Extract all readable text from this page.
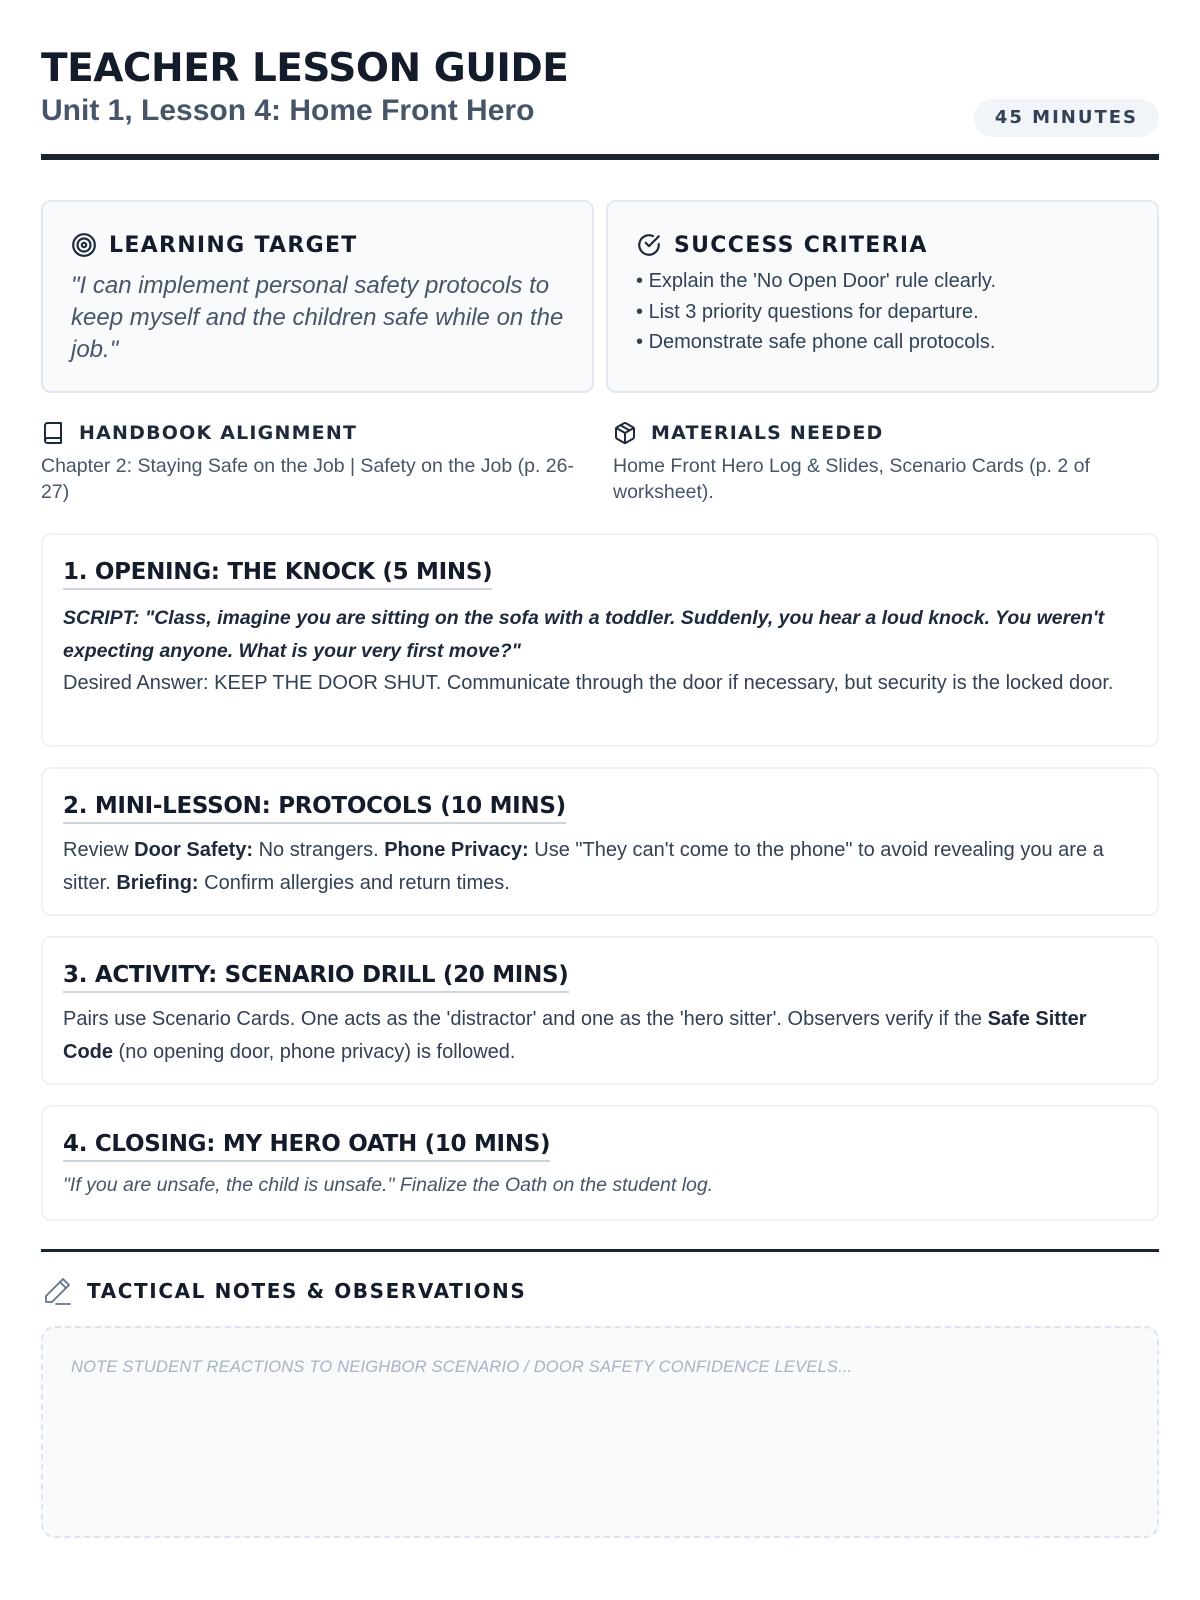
TEACHER LESSON GUIDE
Unit 1, Lesson 4: Home Front Hero	45 MINUTES
LEARNING TARGET

"I can implement personal safety protocols to keep myself and the children safe while on the job."

SUCCESS CRITERIA
• Explain the 'No Open Door' rule clearly.
• List 3 priority questions for departure.
• Demonstrate safe phone call protocols.
HANDBOOK ALIGNMENT

Chapter 2: Staying Safe on the Job | Safety on the Job (p. 26-27)

MATERIALS NEEDED

Home Front Hero Log & Slides, Scenario Cards (p. 2 of worksheet).

1. OPENING: THE KNOCK (5 MINS)

SCRIPT: "Class, imagine you are sitting on the sofa with a toddler. Suddenly, you hear a loud knock. You weren't expecting anyone. What is your very first move?"

Desired Answer: KEEP THE DOOR SHUT. Communicate through the door if necessary, but security is the locked door.

2. MINI-LESSON: PROTOCOLS (10 MINS)

Review Door Safety: No strangers. Phone Privacy: Use "They can't come to the phone" to avoid revealing you are a sitter. Briefing: Confirm allergies and return times.

3. ACTIVITY: SCENARIO DRILL (20 MINS)

Pairs use Scenario Cards. One acts as the 'distractor' and one as the 'hero sitter'. Observers verify if the Safe Sitter Code (no opening door, phone privacy) is followed.

4. CLOSING: MY HERO OATH (10 MINS)

"If you are unsafe, the child is unsafe." Finalize the Oath on the student log.

TACTICAL NOTES & OBSERVATIONS
NOTE STUDENT REACTIONS TO NEIGHBOR SCENARIO / DOOR SAFETY CONFIDENCE LEVELS...
